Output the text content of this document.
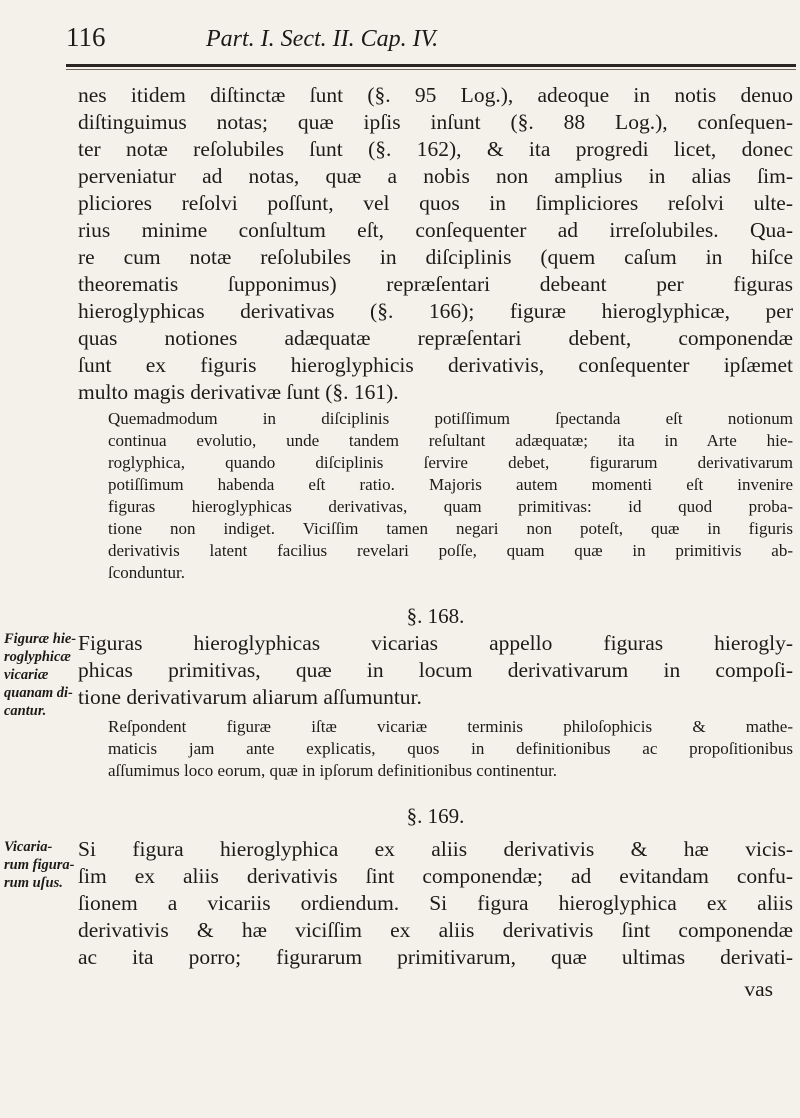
116	Part. I. Sect. II. Cap. IV.
nes itidem diſtinctæ ſunt (§. 95 Log.), adeoque in notis denuo
diſtinguimus notas; quæ ipſis inſunt (§. 88 Log.), conſequen-
ter notæ reſolubiles ſunt (§. 162), & ita progredi licet, donec
perveniatur ad notas, quæ a nobis non amplius in alias ſim-
pliciores reſolvi poſſunt, vel quos in ſimpliciores reſolvi ulte-
rius minime conſultum eſt, conſequenter ad irreſolubiles. Qua-
re cum notæ reſolubiles in diſciplinis (quem caſum in hiſce
theorematis ſupponimus) repræſentari debeant per figuras
hieroglyphicas derivativas (§. 166); figuræ hieroglyphicæ, per
quas notiones adæquatæ repræſentari debent, componendæ
ſunt ex figuris hieroglyphicis derivativis, conſequenter ipſæmet
multo magis derivativæ ſunt (§. 161).
Quemadmodum in diſciplinis potiſſimum ſpectanda eſt notionum
continua evolutio, unde tandem reſultant adæquatæ; ita in Arte hie-
roglyphica, quando diſciplinis ſervire debet, figurarum derivativarum
potiſſimum habenda eſt ratio. Majoris autem momenti eſt invenire
figuras hieroglyphicas derivativas, quam primitivas: id quod proba-
tione non indiget. Viciſſim tamen negari non poteſt, quæ in figuris
derivativis latent facilius revelari poſſe, quam quæ in primitivis ab-
ſconduntur.
§. 168.
Figuræ hie-
roglyphicæ
vicariæ
quanam di-
cantur.
Figuras hieroglyphicas vicarias appello figuras hierogly-
phicas primitivas, quæ in locum derivativarum in compoſi-
tione derivativarum aliarum aſſumuntur.
Reſpondent figuræ iſtæ vicariæ terminis philoſophicis & mathe-
maticis jam ante explicatis, quos in definitionibus ac propoſitionibus
aſſumimus loco eorum, quæ in ipſorum definitionibus continentur.
§. 169.
Vicaria-
rum figura-
rum uſus.
Si figura hieroglyphica ex aliis derivativis & hæ vicis-
ſim ex aliis derivativis ſint componendæ; ad evitandam confu-
ſionem a vicariis ordiendum. Si figura hieroglyphica ex aliis
derivativis & hæ viciſſim ex aliis derivativis ſint componendæ
ac ita porro; figurarum primitivarum, quæ ultimas derivati-
vas
